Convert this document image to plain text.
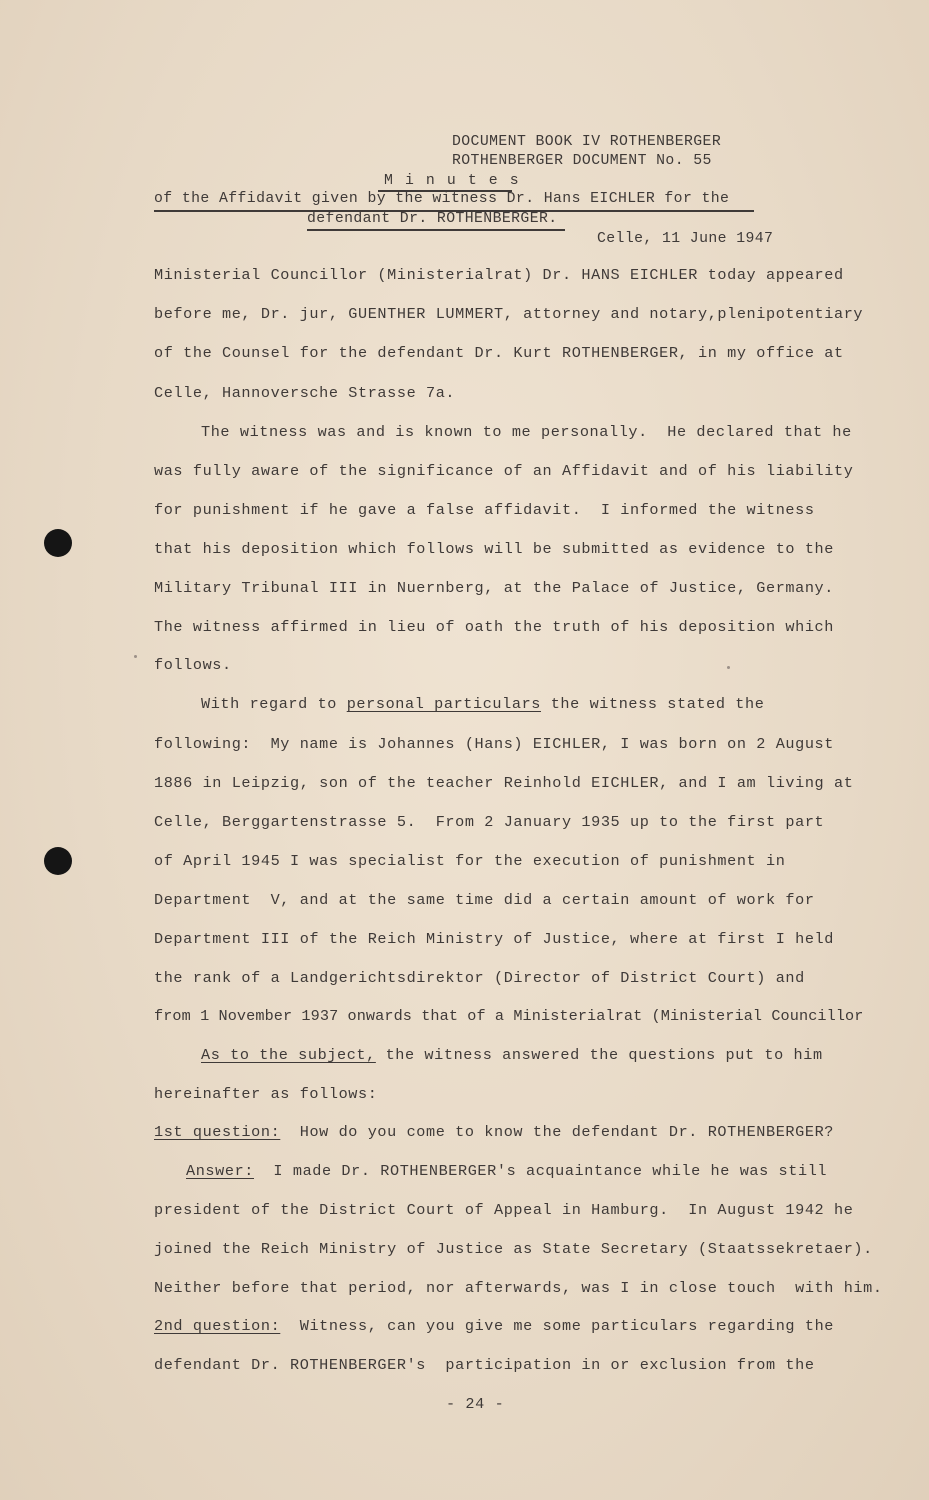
DOCUMENT BOOK IV ROTHENBERGER
ROTHENBERGER DOCUMENT No. 55
M i n u t e s
of the Affidavit given by the witness Dr. Hans EICHLER for the
defendant Dr. ROTHENBERGER.
Celle, 11 June 1947
Ministerial Councillor (Ministerialrat) Dr. HANS EICHLER today appeared
before me, Dr. jur, GUENTHER LUMMERT, attorney and notary,plenipotentiary
of the Counsel for the defendant Dr. Kurt ROTHENBERGER, in my office at
Celle, Hannoversche Strasse 7a.
The witness was and is known to me personally.  He declared that he
was fully aware of the significance of an Affidavit and of his liability
for punishment if he gave a false affidavit.  I informed the witness
that his deposition which follows will be submitted as evidence to the
Military Tribunal III in Nuernberg, at the Palace of Justice, Germany.
The witness affirmed in lieu of oath the truth of his deposition which
follows.
With regard to personal particulars the witness stated the
following:  My name is Johannes (Hans) EICHLER, I was born on 2 August
1886 in Leipzig, son of the teacher Reinhold EICHLER, and I am living at
Celle, Berggartenstrasse 5.  From 2 January 1935 up to the first part
of April 1945 I was specialist for the execution of punishment in
Department  V, and at the same time did a certain amount of work for
Department III of the Reich Ministry of Justice, where at first I held
the rank of a Landgerichtsdirektor (Director of District Court) and
from 1 November 1937 onwards that of a Ministerialrat (Ministerial Councillor
As to the subject, the witness answered the questions put to him
hereinafter as follows:
1st question:  How do you come to know the defendant Dr. ROTHENBERGER?
Answer:  I made Dr. ROTHENBERGER's acquaintance while he was still
president of the District Court of Appeal in Hamburg.  In August 1942 he
joined the Reich Ministry of Justice as State Secretary (Staatssekretaer).
Neither before that period, nor afterwards, was I in close touch  with him.
2nd question:  Witness, can you give me some particulars regarding the
defendant Dr. ROTHENBERGER's  participation in or exclusion from the
- 24 -
